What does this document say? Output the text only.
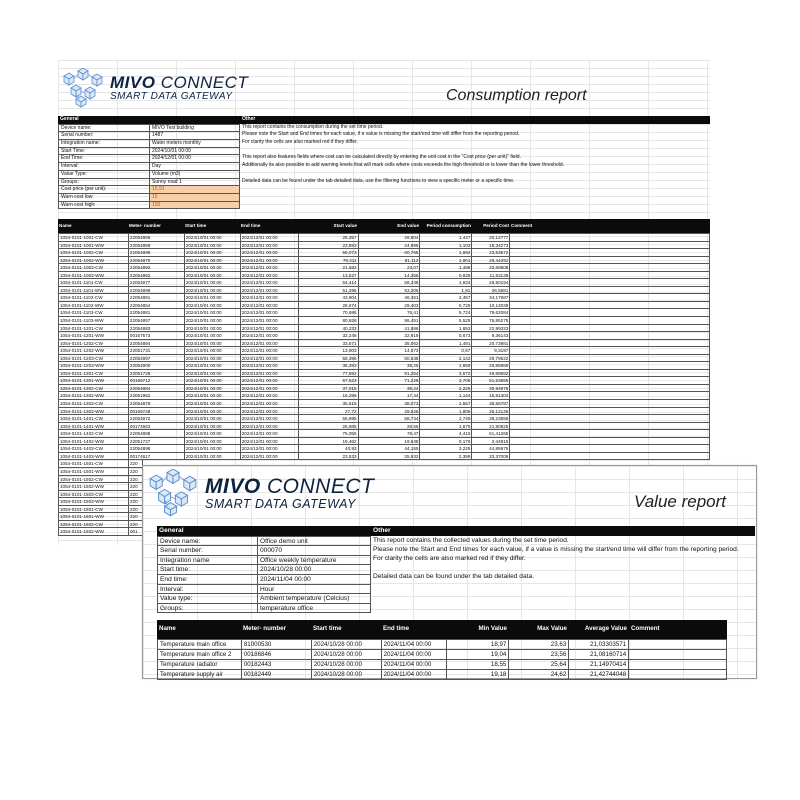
MIVO CONNECT
SMART DATA GATEWAY	Consumption report
General
Device name:	MIVO Test building
Serial number:	1487
Integration name:	Water meters monthly
Start Time:	2024/10/01 00:00
End Time:	2024/12/01 00:00
Interval:	Day
Value Type:	Volume (m3)
Groups:	Sunny road 1
Cost price (per unit):	15,91
Warn cost low:	15
Warn cost high:	150
Other
This report contains the consumption during the set time period.
Please note the Start and End times for each value, if a value is missing the start/end time will differ from the reporting period.
For clarity the cells are also marked red if they differ.
This report also features fields where cost can be calculated directly by entering the unit cost in the "Cost price (per unit)" field.
Additionally its also possible to add warning levels that will mark cells where costs exceeds the high threshold or is lower than the lower threshold.
Detailed data can be found under the tab detailed data, use the filtering functions to view a specific meter or a specific time.
Name	Meter- number	Start time	End time	Start value	End value	Period consumption	Period Cost Comment
1054-0101-1001-CW	22054886	2024/10/01 00:00	2024/12/01 00:00	25,357	26,804	1,447	20,12777
1054-0101-1001-WW	22054859	2024/10/01 00:00	2024/12/01 00:00	23,893	24,996	1,103	15,34273
1054-0101-1002-CW	22054895	2024/10/01 00:00	2024/12/01 00:00	59,073	60,765	1,692	23,53572
1054-0101-1002-WW	22054870	2024/10/01 00:00	2024/12/01 00:00	79,211	81,112	1,901	26,44291
1054-0101-1003-CW	22054892	2024/10/01 00:00	2024/12/01 00:00	21,582	23,07	1,488	20,69808
1054-0101-1003-WW	22054862	2024/10/01 00:00	2024/12/01 00:00	13,527	14,356	0,829	11,53139
1054-0101-1101-CW	22054877	2024/10/01 00:00	2024/12/01 00:00	54,414	56,348	1,934	26,90194
1054-0101-1101-WW	22054896	2024/10/01 00:00	2024/12/01 00:00	51,296	53,206	1,91	26,5681
1054-0101-1102-CW	22054881	2024/10/01 00:00	2024/12/01 00:00	43,904	46,361	2,457	34,17687
1054-0101-1102-WW	22054854	2024/10/01 00:00	2024/12/01 00:00	28,674	29,403	0,729	10,14039
1054-0101-1103-CW	22054881	2024/10/01 00:00	2024/12/01 00:00	70,686	76,41	5,724	79,62084
1054-0101-1103-WW	22054857	2024/10/01 00:00	2024/12/01 00:00	80,926	86,451	5,525	76,85275
1054-0101-1201-CW	22054883	2024/10/01 00:00	2024/12/01 00:00	40,233	41,886	1,653	22,99323
1054-0101-1201-WW	00157573	2024/10/01 00:00	2024/12/01 00:00	32,246	32,919	0,673	9,36143
1054-0101-1202-CW	22054894	2024/10/01 00:00	2024/12/01 00:00	33,571	35,062	1,491	20,73981
1054-0101-1202-WW	22051731	2024/10/01 00:00	2024/12/01 00:00	13,903	14,573	0,67	9,3197
1054-0101-1203-CW	22054897	2024/10/01 00:00	2024/12/01 00:00	58,396	60,538	2,142	29,79522
1054-0101-1203-WW	22054900	2024/10/01 00:00	2024/12/01 00:00	36,393	38,25	1,859	25,85869
1054-0101-1301-CW	22051728	2024/10/01 00:00	2024/12/01 00:00	77,692	81,264	3,572	49,68652
1054-0101-1301-WW	00169712	2024/10/01 00:00	2024/12/01 00:00	67,523	71,228	3,705	51,53655
1054-0101-1302-CW	22054884	2024/10/01 00:00	2024/12/01 00:00	37,015	39,24	2,225	30,94975
1054-0101-1302-WW	22051952	2024/10/01 00:00	2024/12/01 00:00	16,296	17,44	1,144	15,91304
1054-0101-1303-CW	22054879	2024/10/01 00:00	2024/12/01 00:00	35,516	38,073	2,557	35,56787
1054-0101-1303-WW	00169748	2024/10/01 00:00	2024/12/01 00:00	27,72	29,526	1,806	25,12146
1054-0101-1401-CW	22054872	2024/10/01 00:00	2024/12/01 00:00	55,995	58,744	2,749	38,23859
1054-0101-1401-WW	00174663	2024/10/01 00:00	2024/12/01 00:00	26,985	28,56	1,575	21,90825
1054-0101-1402-CW	22054888	2024/10/01 00:00	2024/12/01 00:00	75,055	79,47	4,415	61,41265
1054-0101-1402-WW	22051727	2024/10/01 00:00	2024/12/01 00:00	19,462	19,638	0,176	2,44816
1054-0101-1403-CW	22054898	2024/10/01 00:00	2024/12/01 00:00	40,93	44,155	3,225	44,85975
1054-0101-1403-WW	00174617	2024/10/01 00:00	2024/12/01 00:00	23,533	25,932	2,399	33,37009
1054-0101-1501-CW	220
1054-0101-1501-WW	220
1054-0101-1502-CW	220
1054-0101-1502-WW	220
1054-0101-1503-CW	220
1054-0101-1503-WW	220
1054-0101-1601-CW	220
1054-0101-1601-WW	220
1054-0101-1602-CW	220
1054-0101-1602-WW	001
MIVO CONNECT
SMART DATA GATEWAY	Value report
General
Device name:	Office demo unit
Serial number:	000070
Integration name	Office weekly temperature
Start time:	2024/10/28 00:00
End time:	2024/11/04 00:00
Interval:	Hour
Value type:	Ambient temperature (Celcius)
Groups:	temperature office
Other
This report contains the collected values during the set time period.
Please note the Start and End times for each value, if a value is missing the start/end time will differ from the reporting period.
For clarity the cells are also marked red if they differ.
Detailed data can be found under the tab detailed data.
Name	Meter- number	Start time	End time	Min Value	Max Value	Average Value Comment
Temperature main office	81000530	2024/10/28 00:00	2024/11/04 00:00	18,97	23,63	21,03303571
Temperature main office 2	00186846	2024/10/28 00:00	2024/11/04 00:00	19,04	23,56	21,08160714
Temperature radiator	00182443	2024/10/28 00:00	2024/11/04 00:00	18,55	25,64	21,14970414
Temperature supply air	00182449	2024/10/28 00:00	2024/11/04 00:00	19,18	24,62	21,42744048
